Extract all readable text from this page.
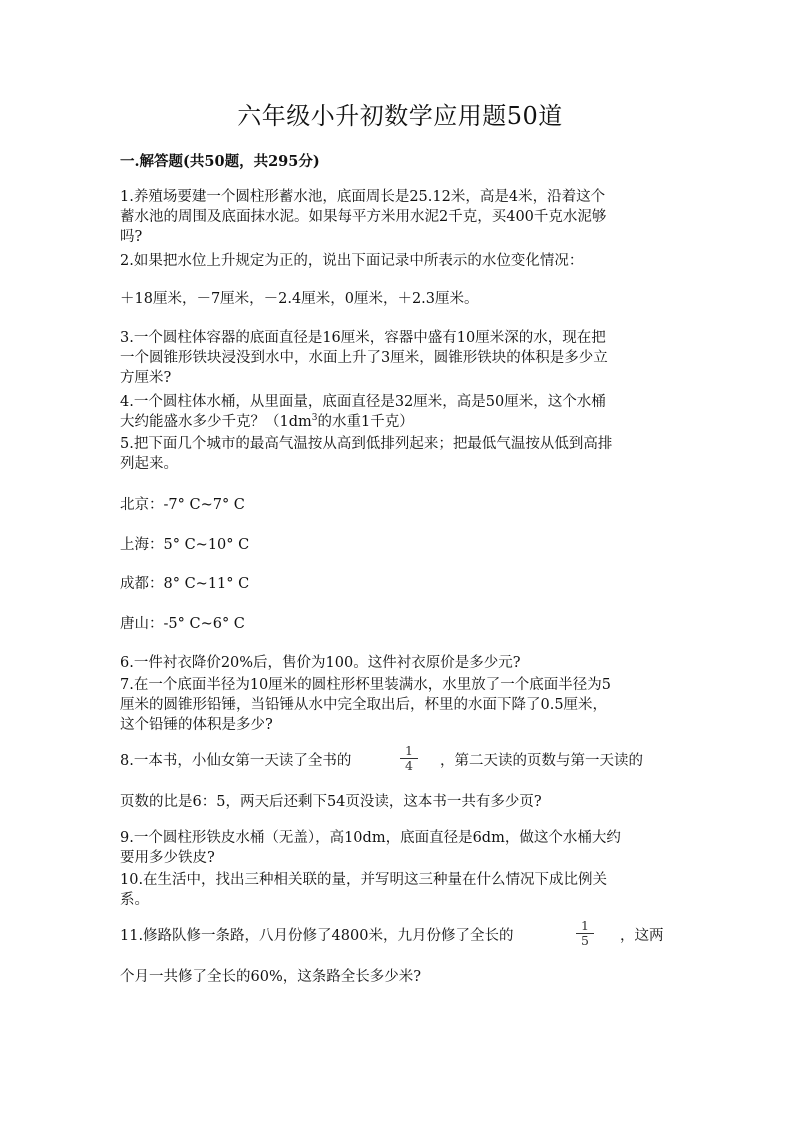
六年级小升初数学应用题50道
一.解答题(共50题，共295分)
1.养殖场要建一个圆柱形蓄水池，底面周长是25.12米，高是4米，沿着这个
蓄水池的周围及底面抹水泥。如果每平方米用水泥2千克，买400千克水泥够
吗?
2.如果把水位上升规定为正的，说出下面记录中所表示的水位变化情况：
＋18厘米，－7厘米，－2.4厘米，0厘米，＋2.3厘米。
3.一个圆柱体容器的底面直径是16厘米，容器中盛有10厘米深的水，现在把
一个圆锥形铁块浸没到水中，水面上升了3厘米，圆锥形铁块的体积是多少立
方厘米?
4.一个圆柱体水桶，从里面量，底面直径是32厘米，高是50厘米，这个水桶
大约能盛水多少千克？（$1dm^3$的水重1千克）
5.把下面几个城市的最高气温按从高到低排列起来；把最低气温按从低到高排
列起来。
北京：-7° C~7° C
上海：5° C~10° C
成都：8° C~11° C
唐山：-5° C~6° C
6.一件衬衣降价20%后，售价为100。这件衬衣原价是多少元?
7.在一个底面半径为10厘米的圆柱形杯里装满水，水里放了一个底面半径为5
厘米的圆锥形铅锤，当铅锤从水中完全取出后，杯里的水面下降了0.5厘米，
这个铅锤的体积是多少?
8.一本书，小仙女第一天读了全书的	$\frac{1}{4}$ ，第二天读的页数与第一天读的
页数的比是6：5，两天后还剩下54页没读，这本书一共有多少页?
9.一个圆柱形铁皮水桶（无盖），高10dm，底面直径是6dm，做这个水桶大约
要用多少铁皮?
10.在生活中，找出三种相关联的量，并写明这三种量在什么情况下成比例关
系。
11.修路队修一条路，八月份修了4800米，九月份修了全长的	$\frac{1}{5}$ ，这两
个月一共修了全长的60%，这条路全长多少米?
